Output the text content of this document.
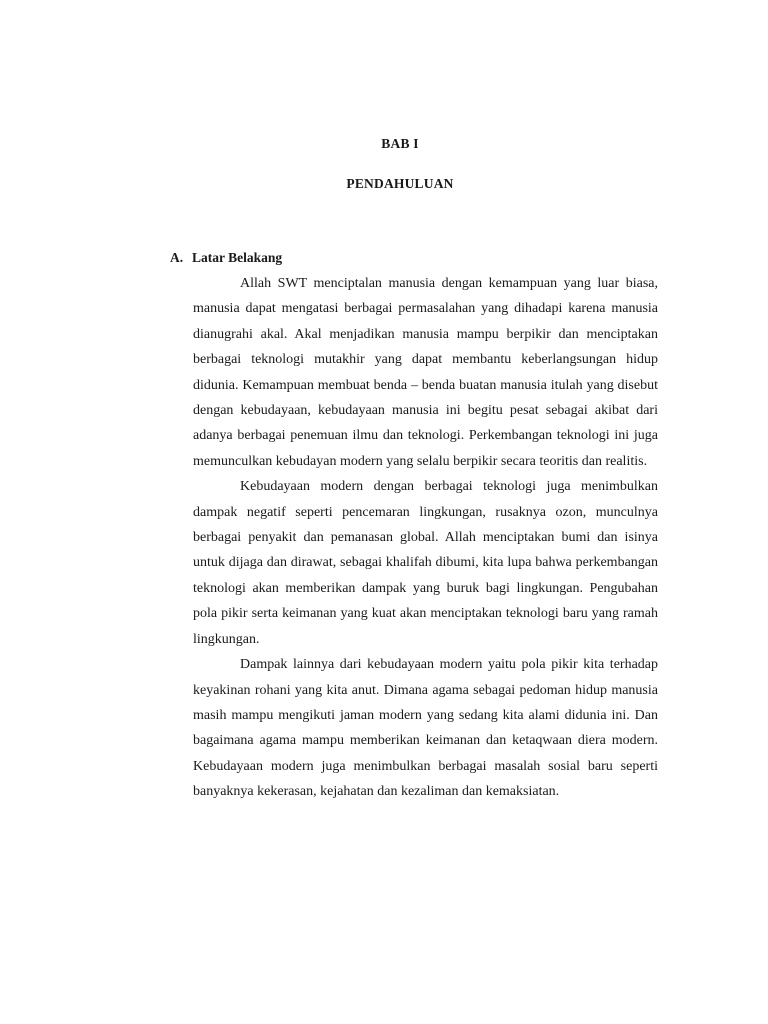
BAB I
PENDAHULUAN
A. Latar Belakang

Allah SWT menciptalan manusia dengan kemampuan yang luar biasa, manusia dapat mengatasi berbagai permasalahan yang dihadapi karena manusia dianugrahi akal. Akal menjadikan manusia mampu berpikir dan menciptakan berbagai teknologi mutakhir yang dapat membantu keberlangsungan hidup didunia. Kemampuan membuat benda – benda buatan manusia itulah yang disebut dengan kebudayaan, kebudayaan manusia ini begitu pesat sebagai akibat dari adanya berbagai penemuan ilmu dan teknologi. Perkembangan teknologi ini juga memunculkan kebudayan modern yang selalu berpikir secara teoritis dan realitis.

Kebudayaan modern dengan berbagai teknologi juga menimbulkan dampak negatif seperti pencemaran lingkungan, rusaknya ozon, munculnya berbagai penyakit dan pemanasan global. Allah menciptakan bumi dan isinya untuk dijaga dan dirawat, sebagai khalifah dibumi, kita lupa bahwa perkembangan teknologi akan memberikan dampak yang buruk bagi lingkungan. Pengubahan pola pikir serta keimanan yang kuat akan menciptakan teknologi baru yang ramah lingkungan.

Dampak lainnya dari kebudayaan modern yaitu pola pikir kita terhadap keyakinan rohani yang kita anut. Dimana agama sebagai pedoman hidup manusia masih mampu mengikuti jaman modern yang sedang kita alami didunia ini. Dan bagaimana agama mampu memberikan keimanan dan ketaqwaan diera modern. Kebudayaan modern juga menimbulkan berbagai masalah sosial baru seperti banyaknya kekerasan, kejahatan dan kezaliman dan kemaksiatan.
